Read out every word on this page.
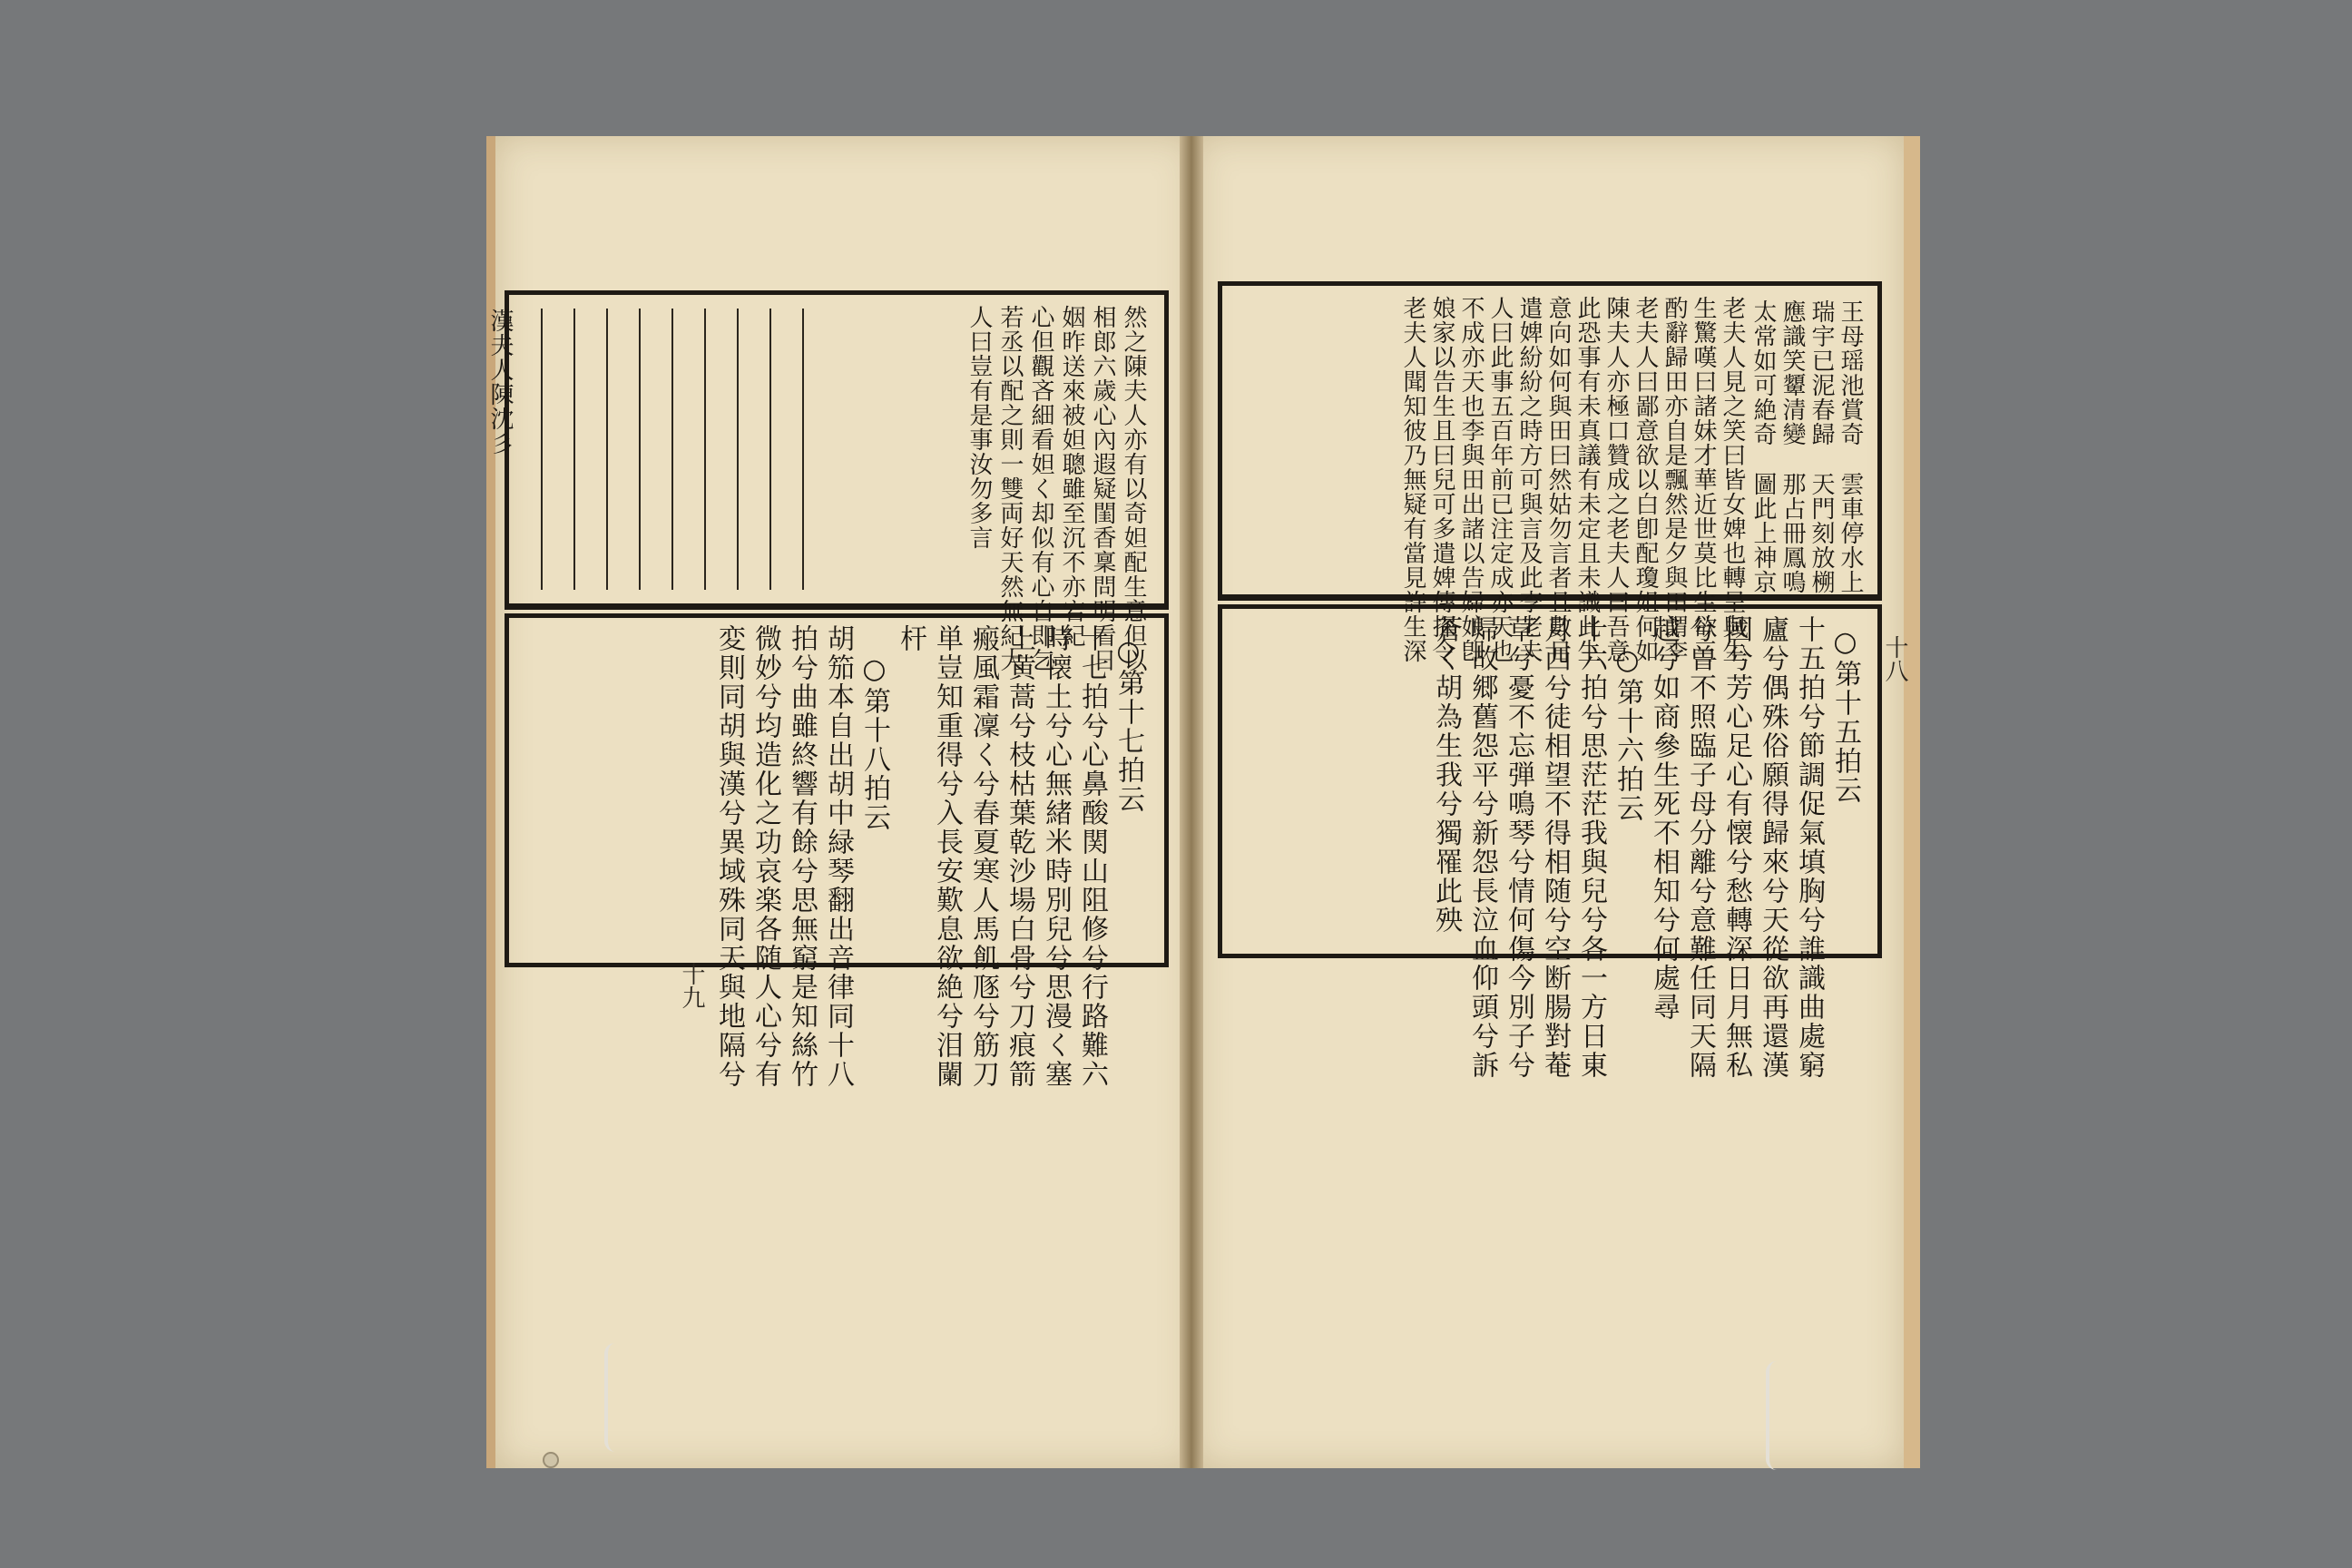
漢夫人陳沈彡	然之陳夫人亦有以奇妲配生意但以
相郎六歲心內遐疑閨香稟問明看日
姻昨送來被妲聰雖至沉不亦宕紀
心但觀吝細看妲く却似有心自即乞
若丞以配之則一雙両好天然無紀大
人曰豈有是事汝勿多言
○第十七拍云
十七拍兮心鼻酸関山阻修兮行路難六
時懐土兮心無緒米時別兒兮思漫く塞
上黄蒿兮枝枯葉乾沙場白骨兮刀痕箭
瘢風霜凜く兮春夏寒人馬飢豗兮筋刀
単豈知重得兮入長安歎息欲絶兮泪闌
杆
○第十八拍云
胡笳本自出胡中緑琴翻出音律同十八
拍兮曲雖終響有餘兮思無窮是知絲竹
微妙兮均造化之功哀楽各随人心兮有
変則同胡與漢兮異域殊同天與地隔兮
十九
王母瑶池賞奇
雲車停水上
瑞宇已泥春歸
天門刻放㮶
應識笑顰清變
那占冊鳳鳴
太常如可絶奇
圖此上神京
老夫人見之笑曰皆女婢也轉呈與生
生驚嘆曰諸妹才華近世莫比生欲三
酌辭歸田亦自是飄然是夕與田謂李
老夫人曰鄙意欲以白卽配瓊姐何如
陳夫人亦極口贊成之老夫人曰吾意
此恐事有未真議有未定且未識此生
意向如何與田曰然姑勿言者且數日
遣婢紛紛之時方可與言及此李老夫
人曰此事五百年前已注定成亦天也
不成亦天也李與田出諸以告婦娘卽
娘家以告生且曰兒可多遣婢傳探令
老夫人聞知彼乃無疑有當見許生深
○第十五拍云
十五拍兮節調促氣填胸兮誰識曲處窮
廬兮偶殊俗願得歸來兮天從欲再還漢
國兮芳心足心有懐兮愁轉深日月無私
兮曽不照臨子母分離兮意難任同天隔
越兮如商參生死不相知兮何處尋
○第十六拍云
十六拍兮思茫茫我與兒兮各一方日東
月西兮徒相望不得相随兮空断腸對菴
草兮憂不忘弾鳴琴兮情何傷今別子兮
帰故郷舊怨平兮新怨長泣血仰頭兮訴
蒼く胡為生我兮獨罹此殃	十八
